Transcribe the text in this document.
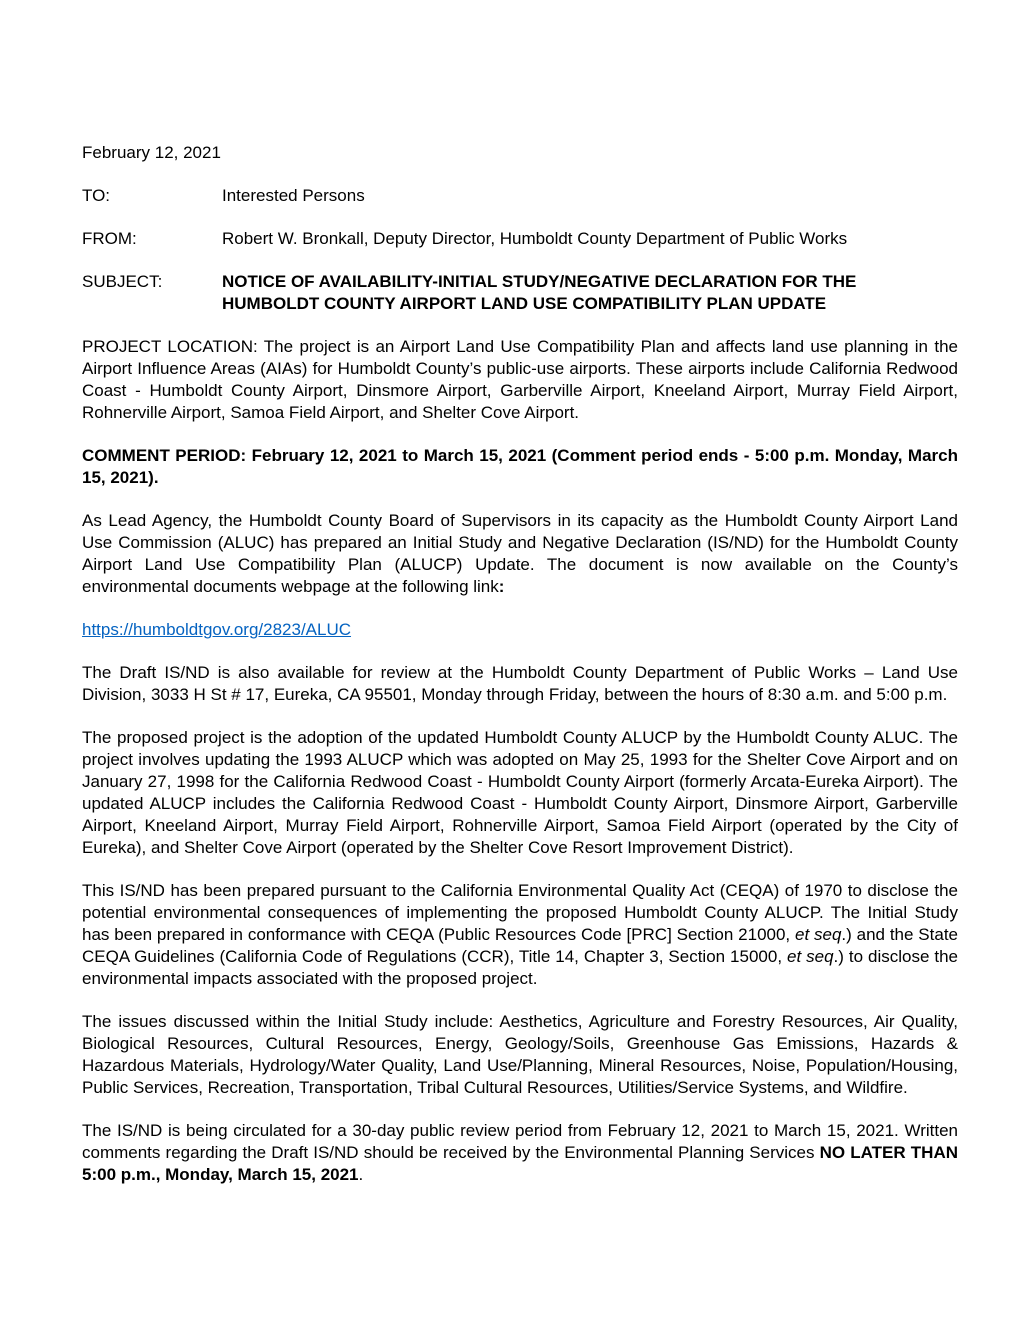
February 12, 2021

TO:	Interested Persons
FROM:	Robert W. Bronkall, Deputy Director, Humboldt County Department of Public Works
SUBJECT:	NOTICE OF AVAILABILITY-INITIAL STUDY/NEGATIVE DECLARATION FOR THE HUMBOLDT COUNTY AIRPORT LAND USE COMPATIBILITY PLAN UPDATE

PROJECT LOCATION: The project is an Airport Land Use Compatibility Plan and affects land use planning in the Airport Influence Areas (AIAs) for Humboldt County’s public-use airports. These airports include California Redwood Coast - Humboldt County Airport, Dinsmore Airport, Garberville Airport, Kneeland Airport, Murray Field Airport, Rohnerville Airport, Samoa Field Airport, and Shelter Cove Airport.

COMMENT PERIOD: February 12, 2021 to March 15, 2021 (Comment period ends - 5:00 p.m. Monday, March 15, 2021).

As Lead Agency, the Humboldt County Board of Supervisors in its capacity as the Humboldt County Airport Land Use Commission (ALUC) has prepared an Initial Study and Negative Declaration (IS/ND) for the Humboldt County Airport Land Use Compatibility Plan (ALUCP) Update. The document is now available on the County’s environmental documents webpage at the following link:

https://humboldtgov.org/2823/ALUC

The Draft IS/ND is also available for review at the Humboldt County Department of Public Works – Land Use Division, 3033 H St # 17, Eureka, CA 95501, Monday through Friday, between the hours of 8:30 a.m. and 5:00 p.m.

The proposed project is the adoption of the updated Humboldt County ALUCP by the Humboldt County ALUC. The project involves updating the 1993 ALUCP which was adopted on May 25, 1993 for the Shelter Cove Airport and on January 27, 1998 for the California Redwood Coast - Humboldt County Airport (formerly Arcata-Eureka Airport). The updated ALUCP includes the California Redwood Coast - Humboldt County Airport, Dinsmore Airport, Garberville Airport, Kneeland Airport, Murray Field Airport, Rohnerville Airport, Samoa Field Airport (operated by the City of Eureka), and Shelter Cove Airport (operated by the Shelter Cove Resort Improvement District).

This IS/ND has been prepared pursuant to the California Environmental Quality Act (CEQA) of 1970 to disclose the potential environmental consequences of implementing the proposed Humboldt County ALUCP. The Initial Study has been prepared in conformance with CEQA (Public Resources Code [PRC] Section 21000, et seq.) and the State CEQA Guidelines (California Code of Regulations (CCR), Title 14, Chapter 3, Section 15000, et seq.) to disclose the environmental impacts associated with the proposed project.

The issues discussed within the Initial Study include: Aesthetics, Agriculture and Forestry Resources, Air Quality, Biological Resources, Cultural Resources, Energy, Geology/Soils, Greenhouse Gas Emissions, Hazards & Hazardous Materials, Hydrology/Water Quality, Land Use/Planning, Mineral Resources, Noise, Population/Housing, Public Services, Recreation, Transportation, Tribal Cultural Resources, Utilities/Service Systems, and Wildfire.

The IS/ND is being circulated for a 30-day public review period from February 12, 2021 to March 15, 2021. Written comments regarding the Draft IS/ND should be received by the Environmental Planning Services NO LATER THAN 5:00 p.m., Monday, March 15, 2021.
